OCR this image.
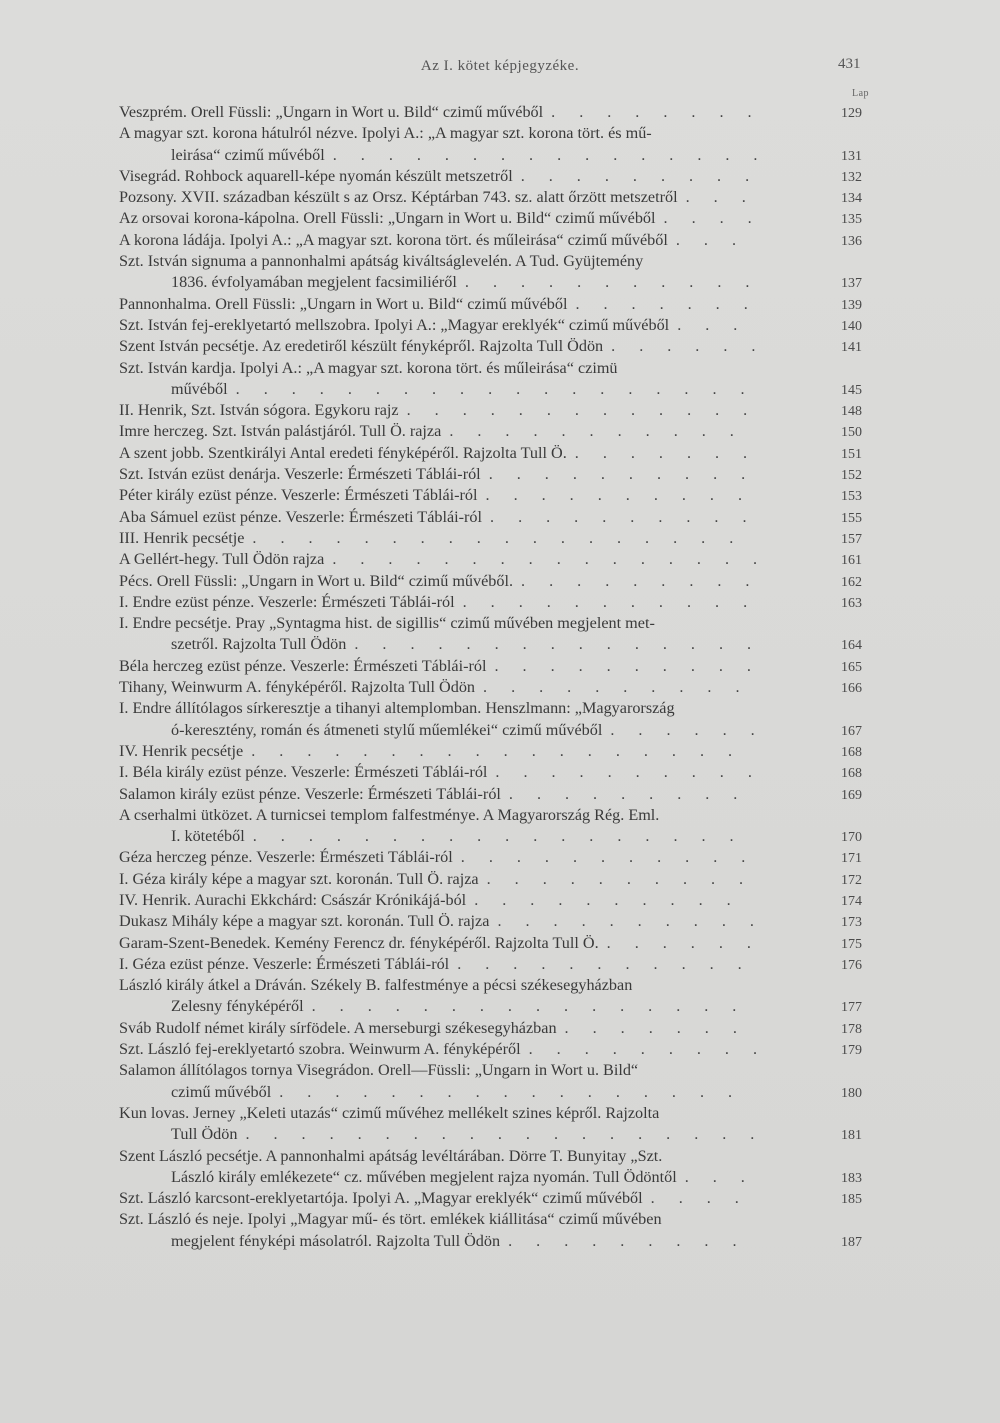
Az I. kötet képjegyzéke.	431
Lap
Veszprém. Orell Füssli: „Ungarn in Wort u. Bild“ czimű művéből ........	129
A magyar szt. korona hátulról nézve. Ipolyi A.: „A magyar szt. korona tört. és mű-
leirása“ czimű művéből ................	131
Visegrád. Rohbock aquarell-képe nyomán készült metszetről .........	132
Pozsony. XVII. században készült s az Orsz. Képtárban 743. sz. alatt őrzött metszetről ...	134
Az orsovai korona-kápolna. Orell Füssli: „Ungarn in Wort u. Bild“ czimű művéből ....	135
A korona ládája. Ipolyi A.: „A magyar szt. korona tört. és műleirása“ czimű művéből ...	136
Szt. István signuma a pannonhalmi apátság kiváltságlevelén. A Tud. Gyüjtemény
1836. évfolyamában megjelent facsimiliéről ...........	137
Pannonhalma. Orell Füssli: „Ungarn in Wort u. Bild“ czimű művéből .......	139
Szt. István fej-ereklyetartó mellszobra. Ipolyi A.: „Magyar ereklyék“ czimű művéből ...	140
Szent István pecsétje. Az eredetiről készült fényképről. Rajzolta Tull Ödön ......	141
Szt. István kardja. Ipolyi A.: „A magyar szt. korona tört. és műleirása“ czimü
művéből ...................	145
II. Henrik, Szt. István sógora. Egykoru rajz .............	148
Imre herczeg. Szt. István palástjáról. Tull Ö. rajza ...........	150
A szent jobb. Szentkirályi Antal eredeti fényképéről. Rajzolta Tull Ö. .......	151
Szt. István ezüst denárja. Veszerle: Érmészeti Táblái-ról ..........	152
Péter király ezüst pénze. Veszerle: Érmészeti Táblái-ról ..........	153
Aba Sámuel ezüst pénze. Veszerle: Érmészeti Táblái-ról ..........	155
III. Henrik pecsétje ..................	157
A Gellért-hegy. Tull Ödön rajza ................	161
Pécs. Orell Füssli: „Ungarn in Wort u. Bild“ czimű művéből. .........	162
I. Endre ezüst pénze. Veszerle: Érmészeti Táblái-ról ...........	163
I. Endre pecsétje. Pray „Syntagma hist. de sigillis“ czimű művében megjelent met-
szetről. Rajzolta Tull Ödön ...............	164
Béla herczeg ezüst pénze. Veszerle: Érmészeti Táblái-ról ..........	165
Tihany, Weinwurm A. fényképéről. Rajzolta Tull Ödön ..........	166
I. Endre állítólagos sírkeresztje a tihanyi altemplomban. Henszlmann: „Magyarország
ó-keresztény, román és átmeneti stylű műemlékei“ czimű művéből ......	167
IV. Henrik pecsétje ..................	168
I. Béla király ezüst pénze. Veszerle: Érmészeti Táblái-ról ..........	168
Salamon király ezüst pénze. Veszerle: Érmészeti Táblái-ról .........	169
A cserhalmi ütközet. A turnicsei templom falfestménye. A Magyarország Rég. Eml.
I. kötetéből ..................	170
Géza herczeg pénze. Veszerle: Érmészeti Táblái-ról ...........	171
I. Géza király képe a magyar szt. koronán. Tull Ö. rajza ..........	172
IV. Henrik. Aurachi Ekkchárd: Császár Krónikájá-ból ..........	174
Dukasz Mihály képe a magyar szt. koronán. Tull Ö. rajza ..........	173
Garam-Szent-Benedek. Kemény Ferencz dr. fényképéről. Rajzolta Tull Ö. ......	175
I. Géza ezüst pénze. Veszerle: Érmészeti Táblái-ról ...........	176
László király átkel a Dráván. Székely B. falfestménye a pécsi székesegyházban
Zelesny fényképéről ................	177
Sváb Rudolf német király sírfödele. A merseburgi székesegyházban .......	178
Szt. László fej-ereklyetartó szobra. Weinwurm A. fényképéről .........	179
Salamon állítólagos tornya Visegrádon. Orell—Füssli: „Ungarn in Wort u. Bild“
czimű művéből .................	180
Kun lovas. Jerney „Keleti utazás“ czimű művéhez mellékelt szines képről. Rajzolta
Tull Ödön ...................	181
Szent László pecsétje. A pannonhalmi apátság levéltárában. Dörre T. Bunyitay „Szt.
László király emlékezete“ cz. művében megjelent rajza nyomán. Tull Ödöntől ...	183
Szt. László karcsont-ereklyetartója. Ipolyi A. „Magyar ereklyék“ czimű művéből ....	185
Szt. László és neje. Ipolyi „Magyar mű- és tört. emlékek kiállitása“ czimű művében
megjelent fényképi másolatról. Rajzolta Tull Ödön .........	187
